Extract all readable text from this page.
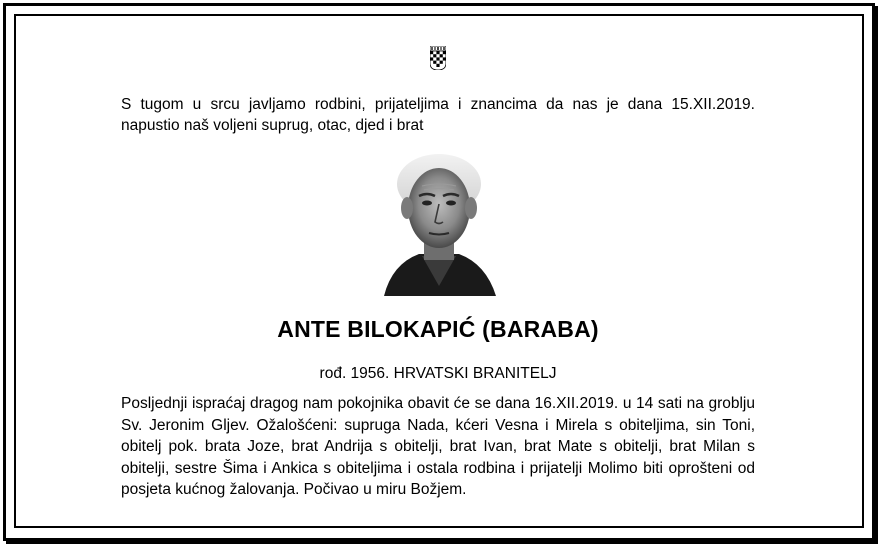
S tugom u srcu javljamo rodbini, prijateljima i znancima da nas je dana 15.XII.2019. napustio naš voljeni suprug, otac, djed i brat
ANTE BILOKAPIĆ (BARABA)
rođ. 1956. HRVATSKI BRANITELJ
Posljednji ispraćaj dragog nam pokojnika obavit će se dana 16.XII.2019. u 14 sati na groblju Sv. Jeronim Gljev. Ožalošćeni: supruga Nada, kćeri Vesna i Mirela s obiteljima, sin Toni, obitelj pok. brata Joze, brat Andrija s obitelji, brat Ivan, brat Mate s obitelji, brat Milan s obitelji, sestre Šima i Ankica s obiteljima i ostala rodbina i prijatelji Molimo biti oprošteni od posjeta kućnog žalovanja. Počivao u miru Božjem.
